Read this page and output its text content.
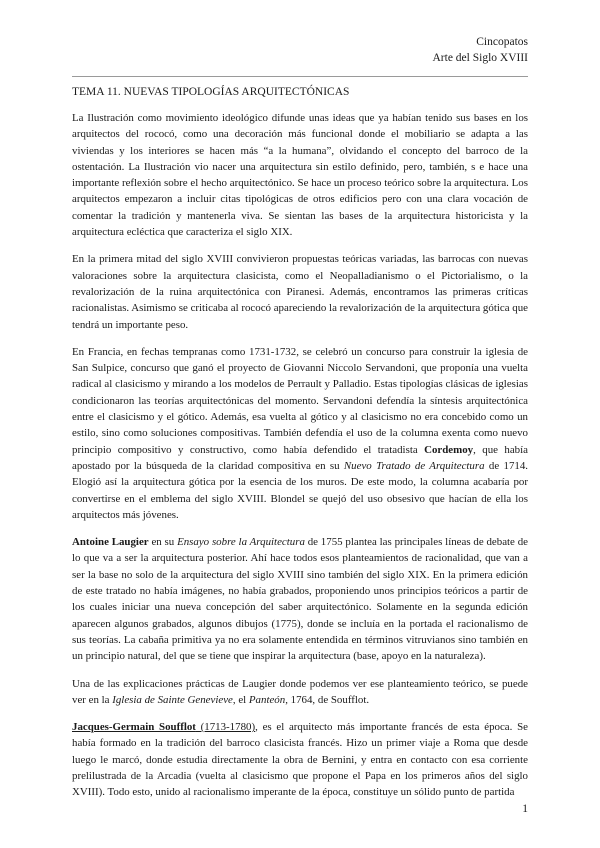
Cincopatos
Arte del Siglo XVIII
TEMA 11. NUEVAS TIPOLOGÍAS ARQUITECTÓNICAS

La Ilustración como movimiento ideológico difunde unas ideas que ya habían tenido sus bases en los arquitectos del rococó, como una decoración más funcional donde el mobiliario se adapta a las viviendas y los interiores se hacen más “a la humana”, olvidando el concepto del barroco de la ostentación. La Ilustración vio nacer una arquitectura sin estilo definido, pero, también, s e hace una importante reflexión sobre el hecho arquitectónico. Se hace un proceso teórico sobre la arquitectura. Los arquitectos empezaron a incluir citas tipológicas de otros edificios pero con una clara vocación de comentar la tradición y mantenerla viva. Se sientan las bases de la arquitectura historicista y la arquitectura ecléctica que caracteriza el siglo XIX.

En la primera mitad del siglo XVIII convivieron propuestas teóricas variadas, las barrocas con nuevas valoraciones sobre la arquitectura clasicista, como el Neopalladianismo o el Pictorialismo, o la revalorización de la ruina arquitectónica con Piranesi. Además, encontramos las primeras críticas racionalistas. Asimismo se criticaba al rococó apareciendo la revalorización de la arquitectura gótica que tendrá un importante peso.

En Francia, en fechas tempranas como 1731-1732, se celebró un concurso para construir la iglesia de San Sulpice, concurso que ganó el proyecto de Giovanni Niccolo Servandoni, que proponía una vuelta radical al clasicismo y mirando a los modelos de Perrault y Palladio. Estas tipologías clásicas de iglesias condicionaron las teorías arquitectónicas del momento. Servandoni defendía la síntesis arquitectónica entre el clasicismo y el gótico. Además, esa vuelta al gótico y al clasicismo no era concebido como un estilo, sino como soluciones compositivas. También defendía el uso de la columna exenta como nuevo principio compositivo y constructivo, como había defendido el tratadista Cordemoy, que había apostado por la búsqueda de la claridad compositiva en su Nuevo Tratado de Arquitectura de 1714. Elogió así la arquitectura gótica por la esencia de los muros. De este modo, la columna acabaría por convertirse en el emblema del siglo XVIII. Blondel se quejó del uso obsesivo que hacían de ella los arquitectos más jóvenes.

Antoine Laugier en su Ensayo sobre la Arquitectura de 1755 plantea las principales líneas de debate de lo que va a ser la arquitectura posterior. Ahí hace todos esos planteamientos de racionalidad, que van a ser la base no solo de la arquitectura del siglo XVIII sino también del siglo XIX. En la primera edición de este tratado no había imágenes, no había grabados, proponiendo unos principios teóricos a partir de los cuales iniciar una nueva concepción del saber arquitectónico. Solamente en la segunda edición aparecen algunos grabados, algunos dibujos (1775), donde se incluía en la portada el racionalismo de sus teorías. La cabaña primitiva ya no era solamente entendida en términos vitruvianos sino también en un principio natural, del que se tiene que inspirar la arquitectura (base, apoyo en la naturaleza).

Una de las explicaciones prácticas de Laugier donde podemos ver ese planteamiento teórico, se puede ver en la Iglesia de Sainte Genevieve, el Panteón, 1764, de Soufflot.

Jacques-Germain Soufflot (1713-1780), es el arquitecto más importante francés de esta época. Se había formado en la tradición del barroco clasicista francés. Hizo un primer viaje a Roma que desde luego le marcó, donde estudia directamente la obra de Bernini, y entra en contacto con esa corriente prelilustrada de la Arcadia (vuelta al clasicismo que propone el Papa en los primeros años del siglo XVIII). Todo esto, unido al racionalismo imperante de la época, constituye un sólido punto de partida

1
